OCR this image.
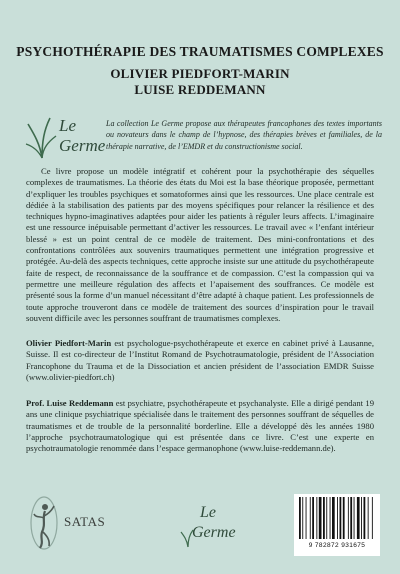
PSYCHOTHÉRAPIE DES TRAUMATISMES COMPLEXES
OLIVIER PIEDFORT-MARIN
LUISE REDDEMANN
Le
Germe
La collection Le Germe propose aux thérapeutes francophones des textes importants ou novateurs dans le champ de l’hypnose, des thérapies brèves et familiales, de la thérapie narrative, de l’EMDR et du constructionisme social.

Ce livre propose un modèle intégratif et cohérent pour la psychothérapie des séquelles complexes de traumatismes. La théorie des états du Moi est la base théorique proposée, permettant d’expliquer les troubles psychiques et somatoformes ainsi que les ressources. Une place centrale est dédiée à la stabilisation des patients par des moyens spécifiques pour relancer la résilience et des techniques hypno-imaginatives adaptées pour aider les patients à réguler leurs affects. L’imaginaire est une ressource inépuisable permettant d’activer les ressources. Le travail avec « l’enfant intérieur blessé » est un point central de ce modèle de traitement. Des mini-confrontations et des confrontations contrôlées aux souvenirs traumatiques permettent une intégration progressive et protégée. Au-delà des aspects techniques, cette approche insiste sur une attitude du psychothérapeute faite de respect, de reconnaissance de la souffrance et de compassion. C’est la compassion qui va permettre une meilleure régulation des affects et l’apaisement des souffrances. Ce modèle est présenté sous la forme d’un manuel nécessitant d’être adapté à chaque patient. Les professionnels de toute approche trouveront dans ce modèle de traitement des sources d’inspiration pour le travail souvent difficile avec les personnes souffrant de traumatismes complexes.

Olivier Piedfort-Marin est psychologue-psychothérapeute et exerce en cabinet privé à Lausanne, Suisse. Il est co-directeur de l’Institut Romand de Psychotraumatologie, président de l’Association Francophone du Trauma et de la Dissociation et ancien président de l’association EMDR Suisse (www.olivier-piedfort.ch)

Prof. Luise Reddemann est psychiatre, psychothérapeute et psychanalyste. Elle a dirigé pendant 19 ans une clinique psychiatrique spécialisée dans le traitement des personnes souffrant de séquelles de traumatismes et de trouble de la personnalité borderline. Elle a développé dès les années 1980 l’approche psychotraumatologique qui est présentée dans ce livre. C’est une experte en psychotraumatologie renommée dans l’espace germanophone (www.luise-reddemann.de).

SATAS
Le
Germe
9 782872 931675
